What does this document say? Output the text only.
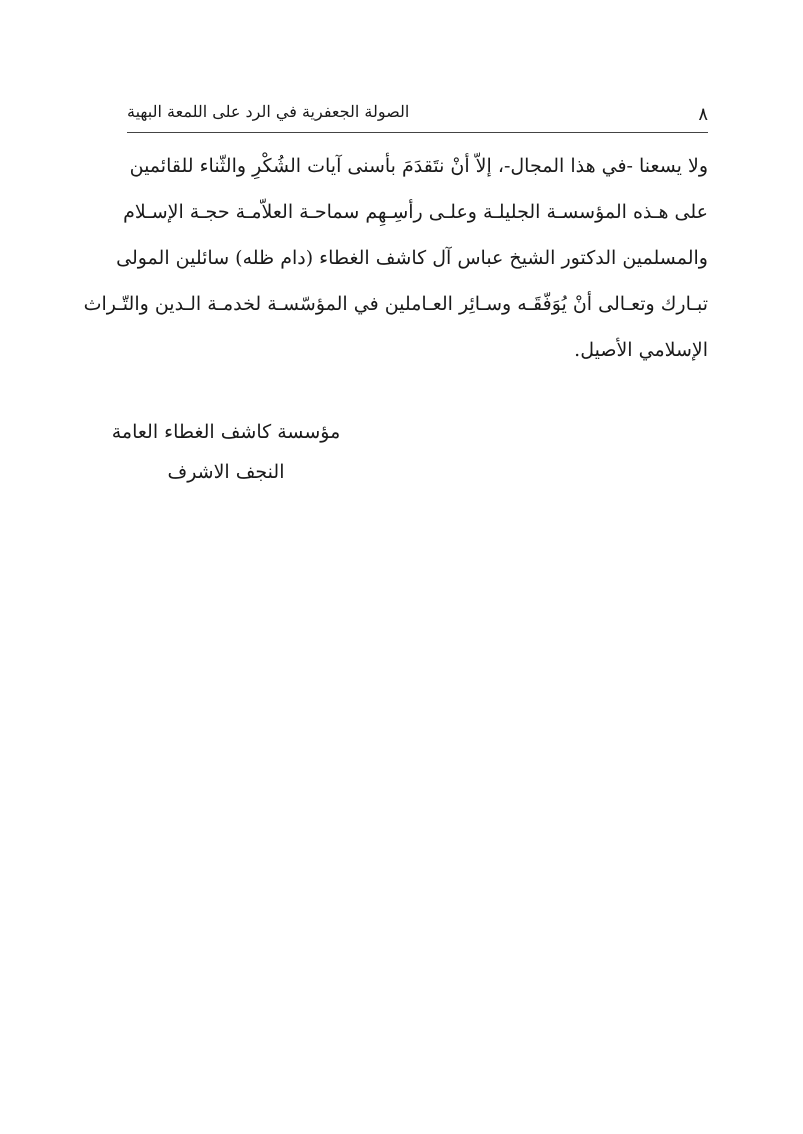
٨
الصولة الجعفرية في الرد على اللمعة البهية
ولا يسعنا -في هذا المجال-، إلاّ أنْ نتَقدَمَ بأسنى آيات الشُكْرِ والثّناء للقائمين
على هـذه المؤسسـة الجليلـة وعلـى رأسِـهِم سماحـة العلاّمـة حجـة الإسـلام
والمسلمين الدكتور الشيخ عباس آل كاشف الغطاء (دام ظله) سائلين المولى
تبـارك وتعـالى أنْ يُوَفّقَـه وسـائِر العـاملين في المؤسّسـة لخدمـة الـدين والتّـراث
الإسلامي الأصيل.
مؤسسة كاشف الغطاء العامة
النجف الاشرف
